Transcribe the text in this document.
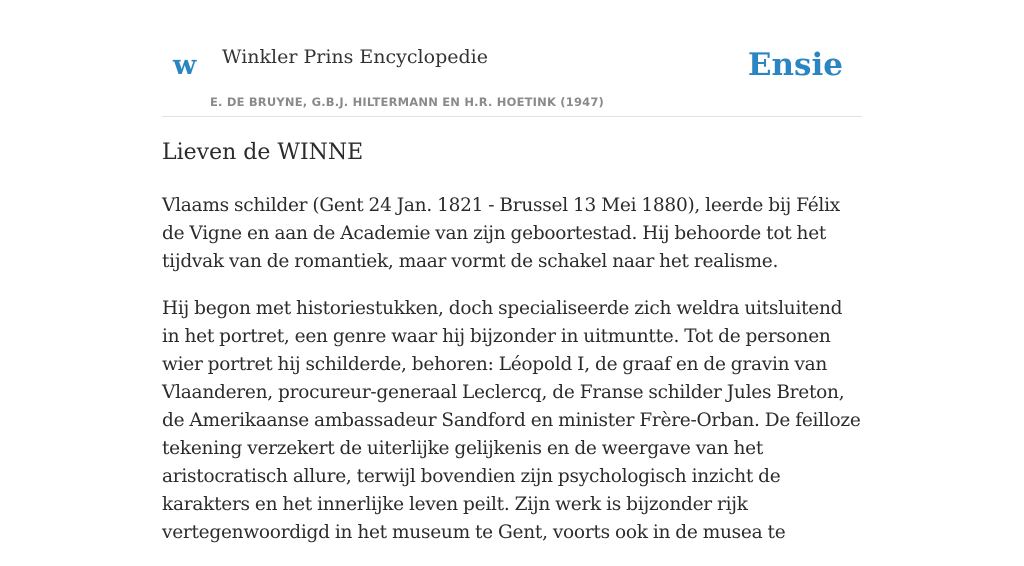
w Winkler Prins Encyclopedie
E. DE BRUYNE, G.B.J. HILTERMANN EN H.R. HOETINK (1947)
Ensie
Lieven de WINNE

Vlaams schilder (Gent 24 Jan. 1821 - Brussel 13 Mei 1880), leerde bij Félix de Vigne en aan de Academie van zijn geboortestad. Hij behoorde tot het tijdvak van de romantiek, maar vormt de schakel naar het realisme.

Hij begon met historiestukken, doch specialiseerde zich weldra uitsluitend in het portret, een genre waar hij bijzonder in uitmuntte. Tot de personen wier portret hij schilderde, behoren: Léopold I, de graaf en de gravin van Vlaanderen, procureur-generaal Leclercq, de Franse schilder Jules Breton, de Amerikaanse ambassadeur Sandford en minister Frère-Orban. De feilloze tekening verzekert de uiterlijke gelijkenis en de weergave van het aristocratisch allure, terwijl bovendien zijn psychologisch inzicht de karakters en het innerlijke leven peilt. Zijn werk is bijzonder rijk vertegenwoordigd in het museum te Gent, voorts ook in de musea te
